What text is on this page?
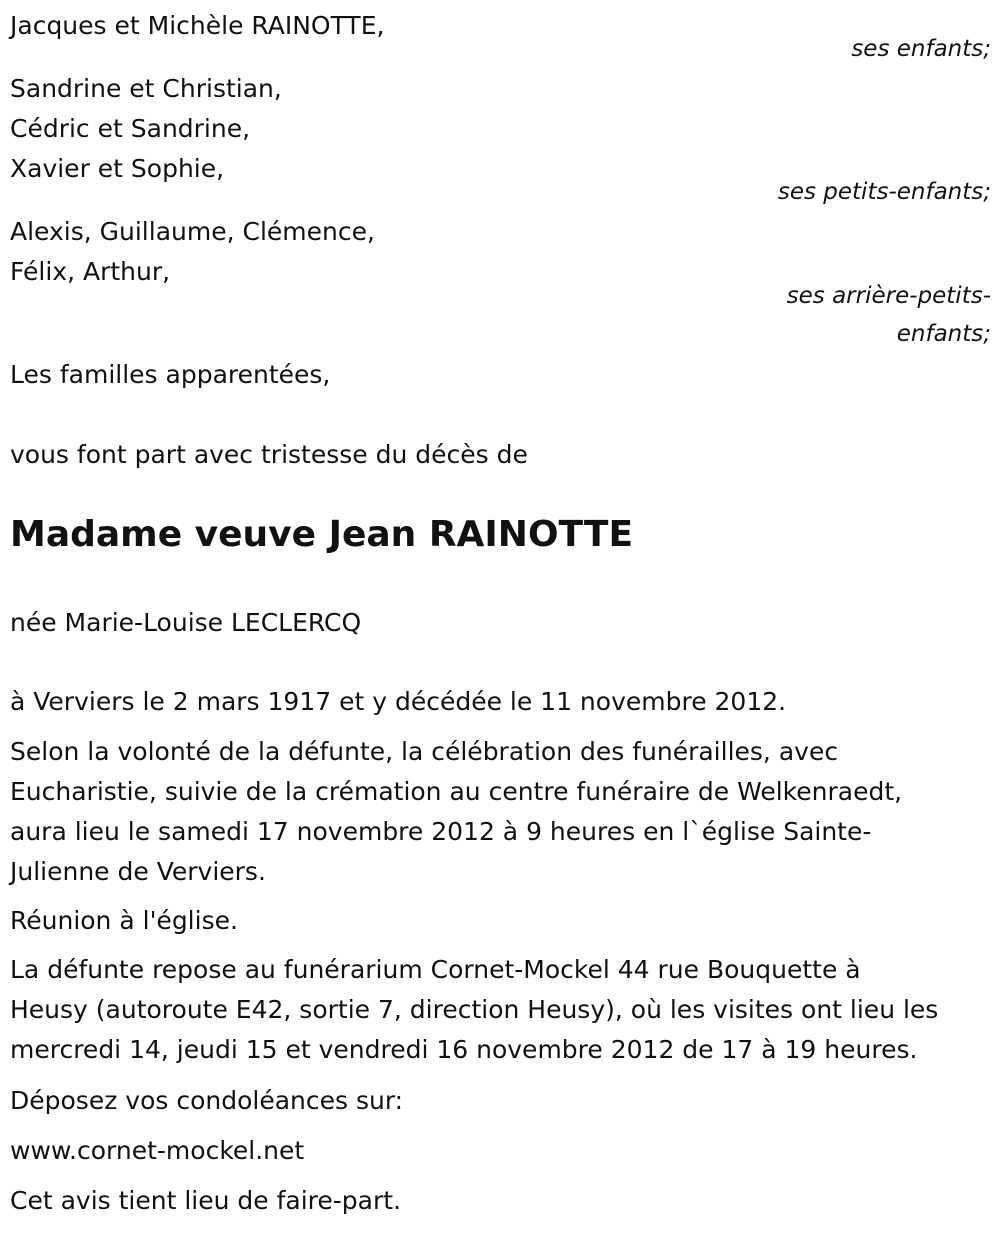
Jacques et Michèle RAINOTTE,
ses enfants;
Sandrine et Christian,
Cédric et Sandrine,
Xavier et Sophie,
ses petits-enfants;
Alexis, Guillaume, Clémence,
Félix, Arthur,
ses arrière-petits-
enfants;
Les familles apparentées,
vous font part avec tristesse du décès de
Madame veuve Jean RAINOTTE
née Marie-Louise LECLERCQ
à Verviers le 2 mars 1917 et y décédée le 11 novembre 2012.
Selon la volonté de la défunte, la célébration des funérailles, avec
Eucharistie, suivie de la crémation au centre funéraire de Welkenraedt,
aura lieu le samedi 17 novembre 2012 à 9 heures en l`église Sainte-
Julienne de Verviers.
Réunion à l'église.
La défunte repose au funérarium Cornet-Mockel 44 rue Bouquette à
Heusy (autoroute E42, sortie 7, direction Heusy), où les visites ont lieu les
mercredi 14, jeudi 15 et vendredi 16 novembre 2012 de 17 à 19 heures.
Déposez vos condoléances sur:
www.cornet-mockel.net
Cet avis tient lieu de faire-part.
